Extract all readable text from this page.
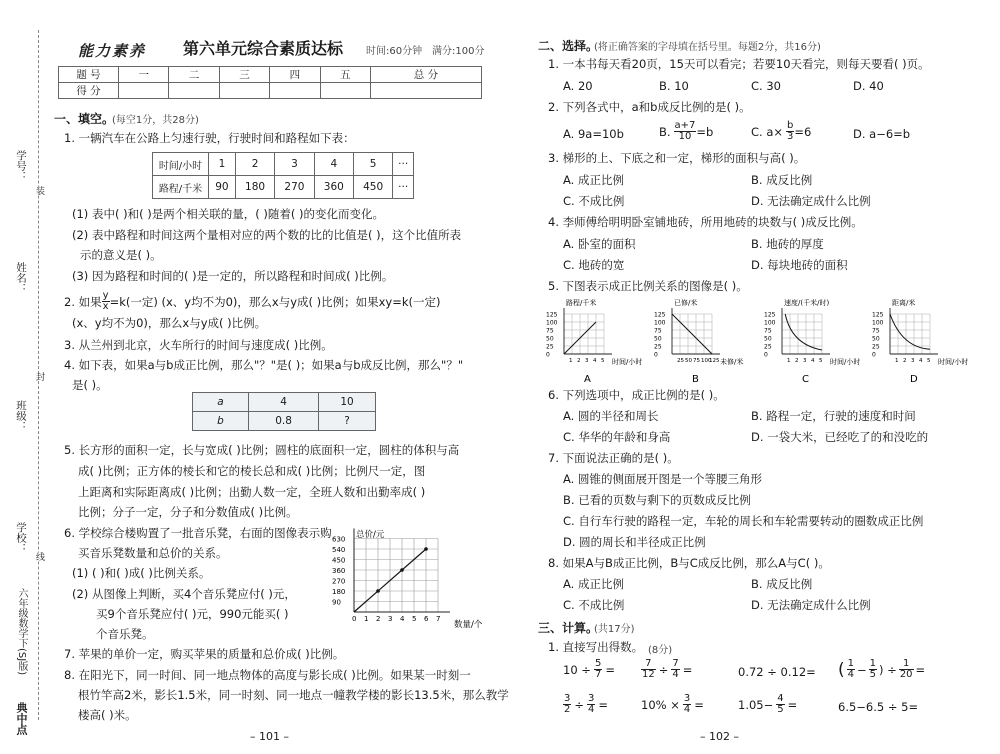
学号：
姓名：
班级：
学校：
装
封
线
六年级数学下(SJ版)
典中点
能力素养 第六单元综合素质达标 时间:60分钟 满分:100分
题 号	一	二	三	四	五	总 分
得 分						
一、填空。
(每空1分，共28分)
1. 一辆汽车在公路上匀速行驶，行驶时间和路程如下表：
时间/小时	1	2	3	4	5	···
路程/千米	90	180	270	360	450	···
(1) 表中( )和( )是两个相关联的量，( )随着( )的变化而变化。
(2) 表中路程和时间这两个量相对应的两个数的比的比值是( )，这个比值所表
示的意义是( )。
(3) 因为路程和时间的( )是一定的，所以路程和时间成( )比例。
2. 如果 $\frac{y}{x} =k$(一定) (x、y均不为0)，那么x与y成( )比例；如果xy=k(一定)
(x、y均不为0)，那么x与y成( )比例。
3. 从兰州到北京，火车所行的时间与速度成( )比例。
4. 如下表，如果a与b成正比例，那么"？"是( )；如果a与b成反比例，那么"？"
是( )。
a	4	10
b	0.8	?
5. 长方形的面积一定，长与宽成( )比例；圆柱的底面积一定，圆柱的体积与高
成( )比例；正方体的棱长和它的棱长总和成( )比例；比例尺一定，图
上距离和实际距离成( )比例；出勤人数一定，全班人数和出勤率成( )
比例；分子一定，分子和分数值成( )比例。
6. 学校综合楼购置了一批音乐凳，右面的图像表示购
买音乐凳数量和总价的关系。
(1) ( )和( )成( )比例关系。
(2) 从图像上判断，买4个音乐凳应付( )元，
买9个音乐凳应付( )元，990元能买( )
个音乐凳。
630
540
450
360
270
180
90
0 1 2 3 4 5 6 7
总价/元
数量/个
7. 苹果的单价一定，购买苹果的质量和总价成( )比例。
8. 在阳光下，同一时间、同一地点物体的高度与影长成( )比例。如果某一时刻一
根竹竿高2米，影长1.5米，同一时刻、同一地点一幢教学楼的影长13.5米，那么教学
楼高( )米。
– 101 –
二、选择。
(将正确答案的字母填在括号里。每题2分，共16分)
1. 一本书每天看20页，15天可以看完；若要10天看完，则每天要看( )页。
A. 20	B. 10	C. 30	D. 40
2. 下列各式中，a和b成反比例的是( )。
A. 9a=10b	B. $\frac{a+7}{10} =b$	C. $a\times \frac{b}{3} =6$	D. a−6=b
3. 梯形的上、下底之和一定，梯形的面积与高( )。
A. 成正比例	B. 成反比例
C. 不成比例	D. 无法确定成什么比例
4. 李师傅给明明卧室铺地砖，所用地砖的块数与( )成反比例。
A. 卧室的面积	B. 地砖的厚度
C. 地砖的宽	D. 每块地砖的面积
5. 下图表示成正比例关系的图像是( )。
路程/千米
时间/小时
125
100
75
50
25
0
1 2 3 4 5
A
已修/米
未修/米
125
100
75
50
25
0
25 50 75 100
125
B
速度/(千米/时)
时间/小时
125
100
75
50
25
0
1 2 3 4 5
C
距离/米
时间/小时
125
100
75
50
25
0
1 2 3 4 5
D
6. 下列选项中，成正比例的是( )。
A. 圆的半径和周长	B. 路程一定，行驶的速度和时间
C. 华华的年龄和身高	D. 一袋大米，已经吃了的和没吃的
7. 下面说法正确的是( )。
A. 圆锥的侧面展开图是一个等腰三角形
B. 已看的页数与剩下的页数成反比例
C. 自行车行驶的路程一定，车轮的周长和车轮需要转动的圈数成正比例
D. 圆的周长和半径成正比例
8. 如果A与B成正比例，B与C成反比例，那么A与C( )。
A. 成正比例	B. 成反比例
C. 不成比例	D. 无法确定成什么比例
三、计算。
(共17分)
1. 直接写出得数。 (8分)
$10 \div \frac{5}{7}$ =	$\frac{7}{12} \div \frac{7}{4}$ =	0.72 ÷ 0.12= ( $\frac{1}{4} - \frac{1}{5}$ ) ÷ $\frac{1}{20}$ =
$\frac{3}{2} \div \frac{3}{4}$ =	$10\% \times \frac{3}{4}$ =	$1.05- \frac{4}{5}$ =	6.5−6.5 ÷ 5=
– 102 –
